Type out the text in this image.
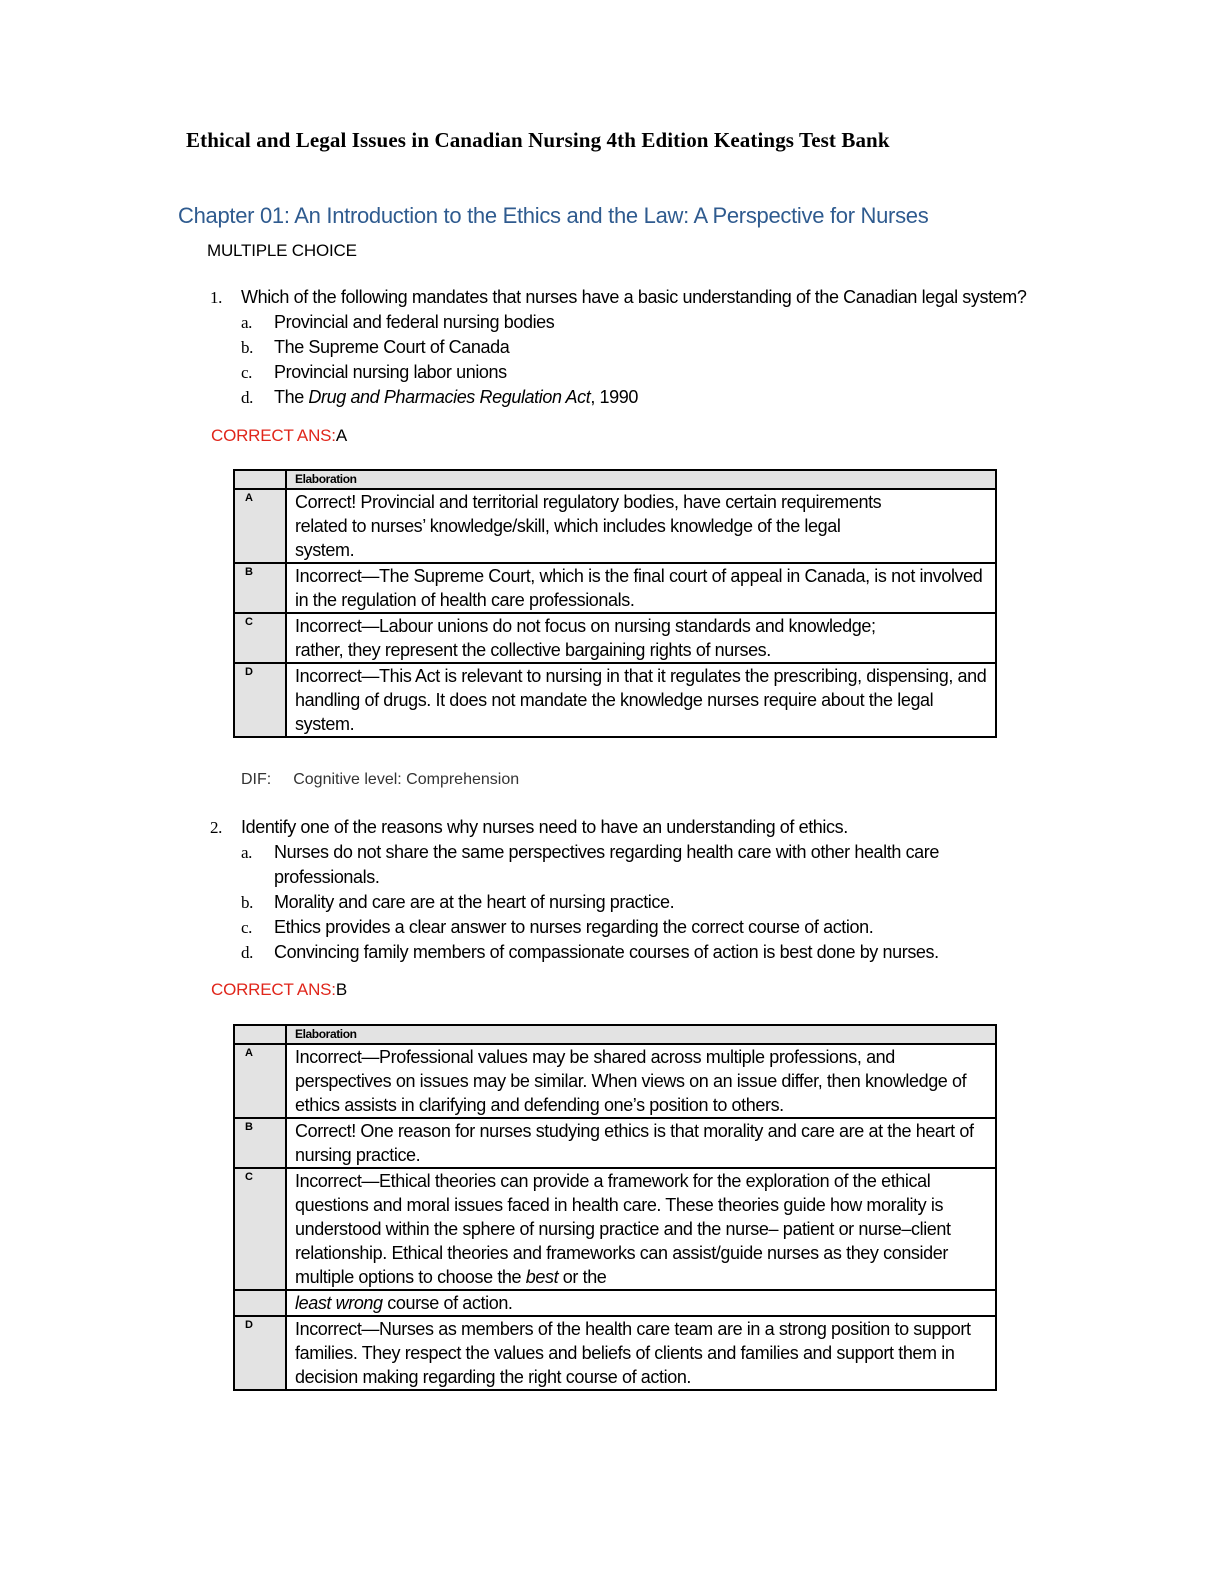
Ethical and Legal Issues in Canadian Nursing 4th Edition Keatings Test Bank
Chapter 01: An Introduction to the Ethics and the Law: A Perspective for Nurses
MULTIPLE CHOICE
1.	Which of the following mandates that nurses have a basic understanding of the Canadian legal system?
a.	Provincial and federal nursing bodies
b.	The Supreme Court of Canada
c.	Provincial nursing labor unions
d.	The Drug and Pharmacies Regulation Act, 1990
CORRECT ANS:A
	Elaboration
A	Correct! Provincial and territorial regulatory bodies, have certain requirements related to nurses’ knowledge/skill, which includes knowledge of the legal system.
B	Incorrect—The Supreme Court, which is the final court of appeal in Canada, is not involved in the regulation of health care professionals.
C	Incorrect—Labour unions do not focus on nursing standards and knowledge; rather, they represent the collective bargaining rights of nurses.
D	Incorrect—This Act is relevant to nursing in that it regulates the prescribing, dispensing, and handling of drugs. It does not mandate the knowledge nurses require about the legal system.
DIF: Cognitive level: Comprehension
2.	Identify one of the reasons why nurses need to have an understanding of ethics.
a.	Nurses do not share the same perspectives regarding health care with other health care professionals.
b.	Morality and care are at the heart of nursing practice.
c.	Ethics provides a clear answer to nurses regarding the correct course of action.
d.	Convincing family members of compassionate courses of action is best done by nurses.
CORRECT ANS:B
	Elaboration
A	Incorrect—Professional values may be shared across multiple professions, and perspectives on issues may be similar. When views on an issue differ, then knowledge of ethics assists in clarifying and defending one’s position to others.
B	Correct! One reason for nurses studying ethics is that morality and care are at the heart of nursing practice.
C	Incorrect—Ethical theories can provide a framework for the exploration of the ethical questions and moral issues faced in health care. These theories guide how morality is understood within the sphere of nursing practice and the nurse– patient or nurse–client relationship. Ethical theories and frameworks can assist/guide nurses as they consider multiple options to choose the best or the
	least wrong course of action.
D	Incorrect—Nurses as members of the health care team are in a strong position to support families. They respect the values and beliefs of clients and families and support them in decision making regarding the right course of action.
